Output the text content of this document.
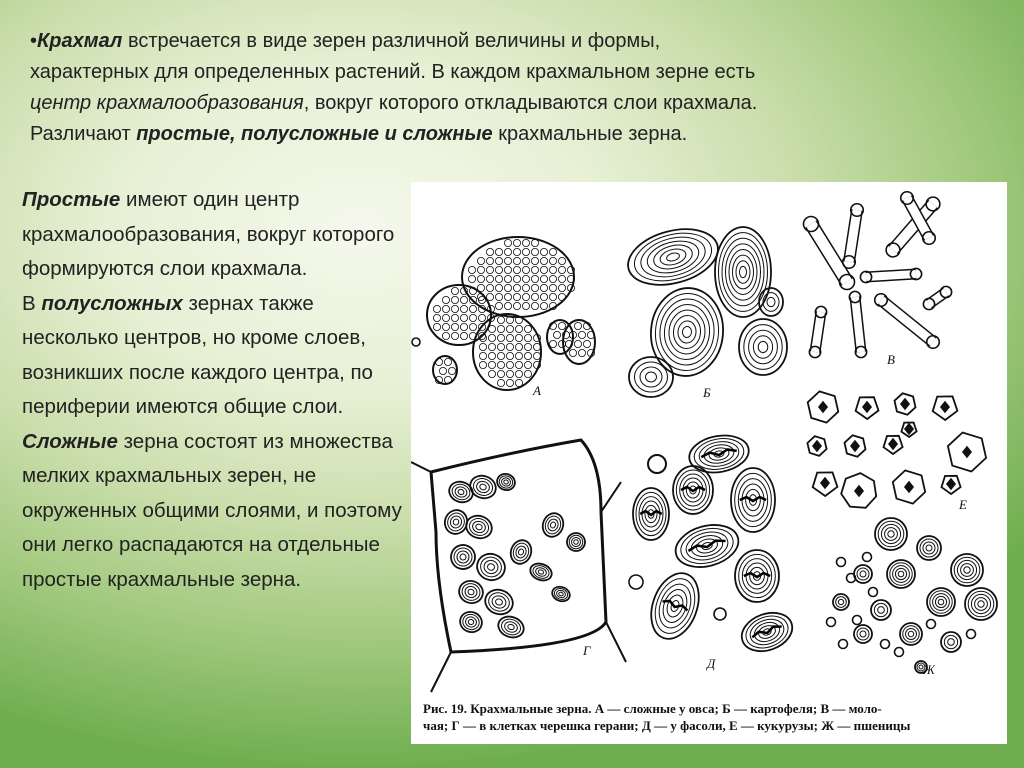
•Крахмал встречается в виде зерен различной величины и формы,
характерных для определенных растений. В каждом крахмальном зерне есть
центр крахмалообразования, вокруг которого откладываются слои крахмала.
Различают простые, полусложные и сложные крахмальные зерна.
Простые имеют один центр крахмалообразования, вокруг которого формируются слои крахмала.
В полусложных зернах также несколько центров, но кроме слоев, возникших после каждого центра, по периферии имеются общие слои.
Сложные зерна состоят из множества мелких крахмальных зерен, не окруженных общими слоями, и поэтому они легко распадаются на отдельные простые крахмальные зерна.
А	Б
В
Г
Д
Е
Ж
Рис. 19. Крахмальные зерна. А — сложные у овса; Б — картофеля; В — моло-
чая; Г — в клетках черешка герани; Д — у фасоли, Е — кукурузы; Ж — пшеницы
